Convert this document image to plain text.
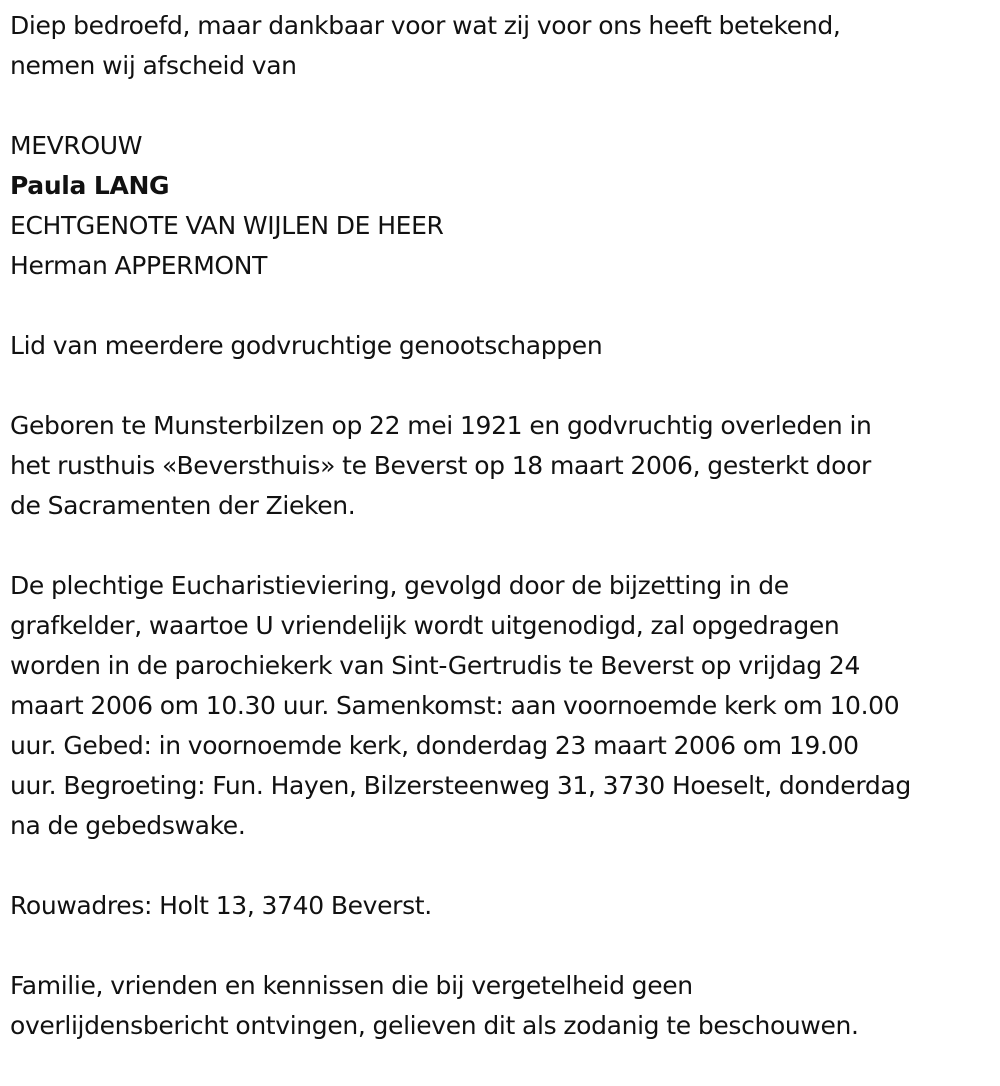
Diep bedroefd, maar dankbaar voor wat zij voor ons heeft betekend,
nemen wij afscheid van

MEVROUW

Paula LANG

ECHTGENOTE VAN WIJLEN DE HEER

Herman APPERMONT

Lid van meerdere godvruchtige genootschappen

Geboren te Munsterbilzen op 22 mei 1921 en godvruchtig overleden in
het rusthuis «Beversthuis» te Beverst op 18 maart 2006, gesterkt door
de Sacramenten der Zieken.

De plechtige Eucharistieviering, gevolgd door de bijzetting in de
grafkelder, waartoe U vriendelijk wordt uitgenodigd, zal opgedragen
worden in de parochiekerk van Sint-Gertrudis te Beverst op vrijdag 24
maart 2006 om 10.30 uur. Samenkomst: aan voornoemde kerk om 10.00
uur. Gebed: in voornoemde kerk, donderdag 23 maart 2006 om 19.00
uur. Begroeting: Fun. Hayen, Bilzersteenweg 31, 3730 Hoeselt, donderdag
na de gebedswake.

Rouwadres: Holt 13, 3740 Beverst.

Familie, vrienden en kennissen die bij vergetelheid geen
overlijdensbericht ontvingen, gelieven dit als zodanig te beschouwen.
